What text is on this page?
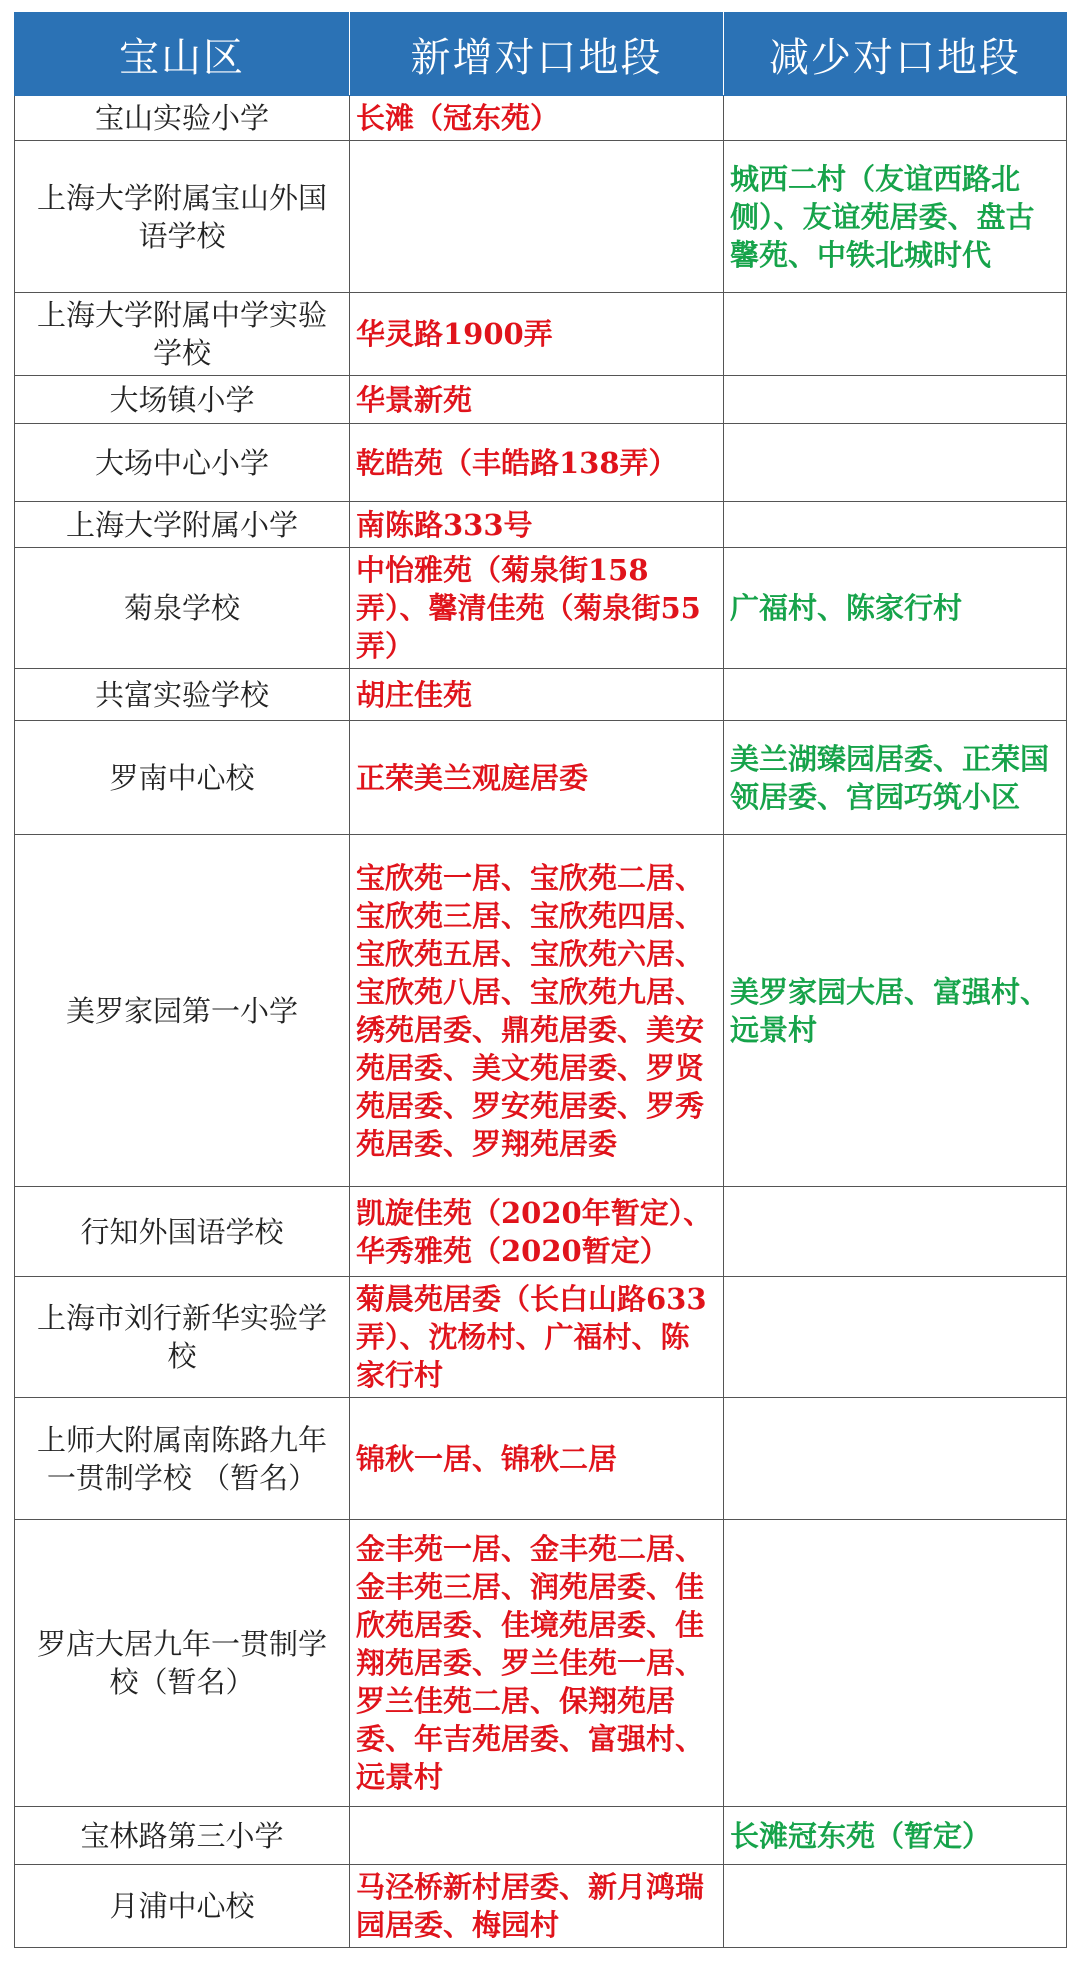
宝山区	新增对口地段	减少对口地段
宝山实验小学	长滩（冠东苑）	
上海大学附属宝山外国语学校		城西二村（友谊西路北侧）、友谊苑居委、盘古馨苑、中铁北城时代
上海大学附属中学实验学校	华灵路1900弄	
大场镇小学	华景新苑	
大场中心小学	乾皓苑（丰皓路138弄）	
上海大学附属小学	南陈路333号	
菊泉学校	中怡雅苑（菊泉街158弄）、馨清佳苑（菊泉街55弄）	广福村、陈家行村
共富实验学校	胡庄佳苑	
罗南中心校	正荣美兰观庭居委	美兰湖臻园居委、正荣国领居委、宫园巧筑小区
美罗家园第一小学	宝欣苑一居、宝欣苑二居、宝欣苑三居、宝欣苑四居、宝欣苑五居、宝欣苑六居、宝欣苑八居、宝欣苑九居、绣苑居委、鼎苑居委、美安苑居委、美文苑居委、罗贤苑居委、罗安苑居委、罗秀苑居委、罗翔苑居委	美罗家园大居、富强村、远景村
行知外国语学校	凯旋佳苑（2020年暂定）、华秀雅苑（2020暂定）	
上海市刘行新华实验学校	菊晨苑居委（长白山路633弄）、沈杨村、广福村、陈家行村	
上师大附属南陈路九年一贯制学校 （暂名）	锦秋一居、锦秋二居	
罗店大居九年一贯制学校（暂名）	金丰苑一居、金丰苑二居、金丰苑三居、润苑居委、佳欣苑居委、佳境苑居委、佳翔苑居委、罗兰佳苑一居、罗兰佳苑二居、保翔苑居委、年吉苑居委、富强村、远景村	
宝林路第三小学		长滩冠东苑（暂定）
月浦中心校	马泾桥新村居委、新月鸿瑞园居委、梅园村	
